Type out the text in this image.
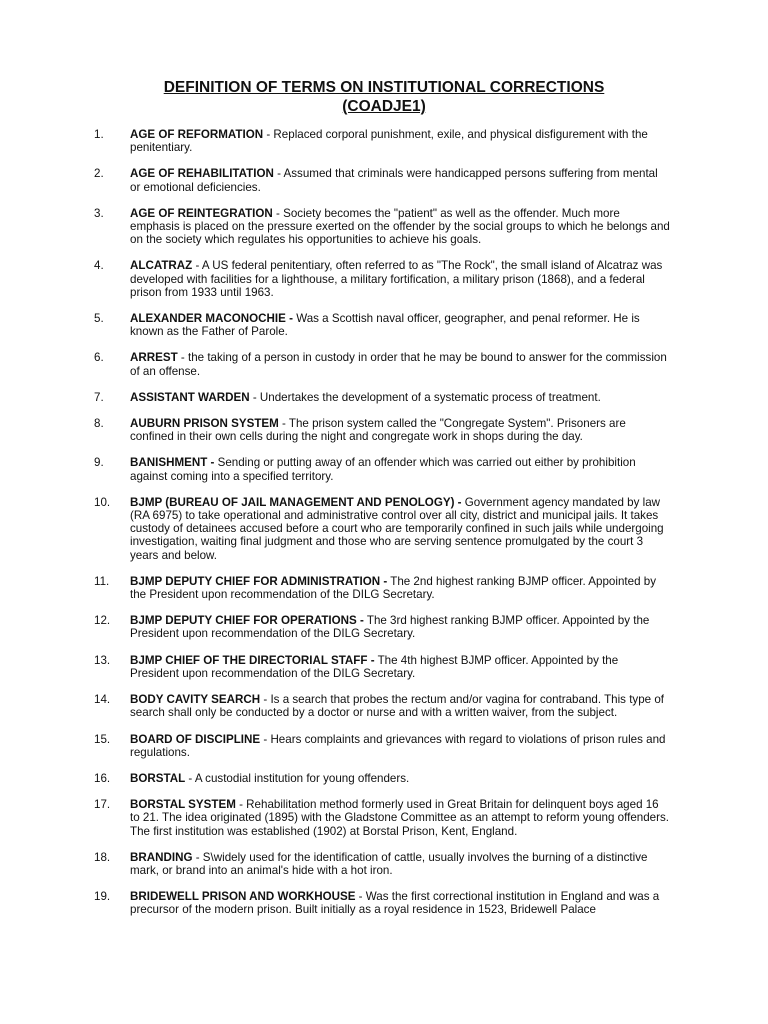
DEFINITION OF TERMS ON INSTITUTIONAL CORRECTIONS
(COADJE1)
1.	AGE OF REFORMATION - Replaced corporal punishment, exile, and physical disfigurement with the penitentiary.
2.	AGE OF REHABILITATION - Assumed that criminals were handicapped persons suffering from mental or emotional deficiencies.
3.	AGE OF REINTEGRATION - Society becomes the "patient" as well as the offender. Much more emphasis is placed on the pressure exerted on the offender by the social groups to which he belongs and on the society which regulates his opportunities to achieve his goals.
4.	ALCATRAZ - A US federal penitentiary, often referred to as "The Rock", the small island of Alcatraz was developed with facilities for a lighthouse, a military fortification, a military prison (1868), and a federal prison from 1933 until 1963.
5.	ALEXANDER MACONOCHIE - Was a Scottish naval officer, geographer, and penal reformer. He is known as the Father of Parole.
6.	ARREST - the taking of a person in custody in order that he may be bound to answer for the commission of an offense.
7.	ASSISTANT WARDEN - Undertakes the development of a systematic process of treatment.
8.	AUBURN PRISON SYSTEM - The prison system called the "Congregate System". Prisoners are confined in their own cells during the night and congregate work in shops during the day.
9.	BANISHMENT - Sending or putting away of an offender which was carried out either by prohibition against coming into a specified territory.
10.	BJMP (BUREAU OF JAIL MANAGEMENT AND PENOLOGY) - Government agency mandated by law (RA 6975) to take operational and administrative control over all city, district and municipal jails. It takes custody of detainees accused before a court who are temporarily confined in such jails while undergoing investigation, waiting final judgment and those who are serving sentence promulgated by the court 3 years and below.
11.	BJMP DEPUTY CHIEF FOR ADMINISTRATION - The 2nd highest ranking BJMP officer. Appointed by the President upon recommendation of the DILG Secretary.
12.	BJMP DEPUTY CHIEF FOR OPERATIONS - The 3rd highest ranking BJMP officer. Appointed by the President upon recommendation of the DILG Secretary.
13.	BJMP CHIEF OF THE DIRECTORIAL STAFF - The 4th highest BJMP officer. Appointed by the President upon recommendation of the DILG Secretary.
14.	BODY CAVITY SEARCH - Is a search that probes the rectum and/or vagina for contraband. This type of search shall only be conducted by a doctor or nurse and with a written waiver, from the subject.
15.	BOARD OF DISCIPLINE - Hears complaints and grievances with regard to violations of prison rules and regulations.
16.	BORSTAL - A custodial institution for young offenders.
17.	BORSTAL SYSTEM - Rehabilitation method formerly used in Great Britain for delinquent boys aged 16 to 21. The idea originated (1895) with the Gladstone Committee as an attempt to reform young offenders. The first institution was established (1902) at Borstal Prison, Kent, England.
18.	BRANDING - S\widely used for the identification of cattle, usually involves the burning of a distinctive mark, or brand into an animal's hide with a hot iron.
19.	BRIDEWELL PRISON AND WORKHOUSE - Was the first correctional institution in England and was a precursor of the modern prison. Built initially as a royal residence in 1523, Bridewell Palace
